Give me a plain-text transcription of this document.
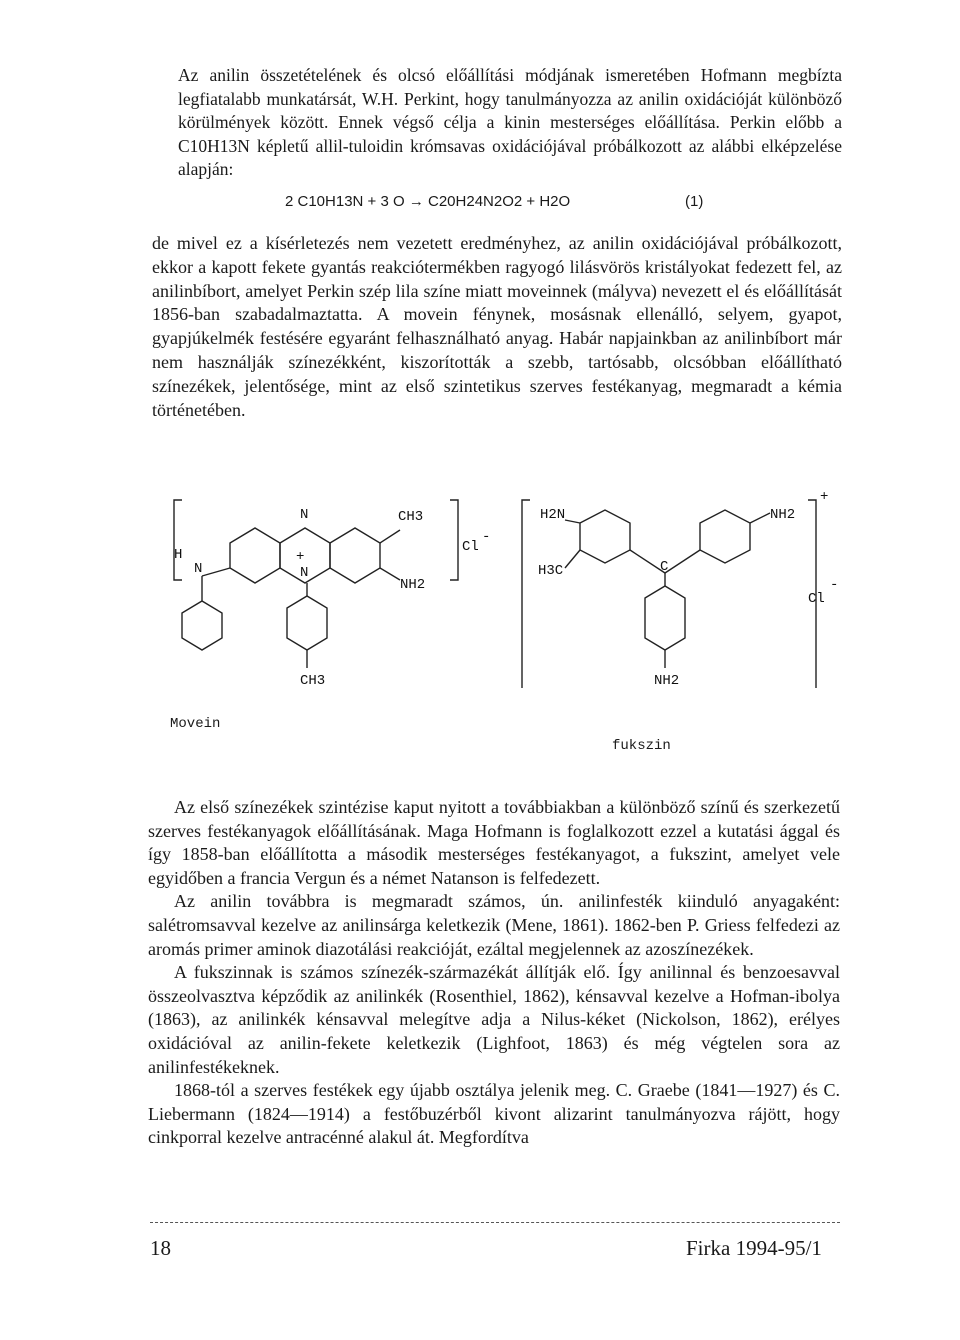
Az anilin összetételének és olcsó előállítási módjának ismeretében Hofmann megbízta legfiatalabb munkatársát, W.H. Perkint, hogy tanulmányozza az anilin oxidációját különböző körülmények között. Ennek végső célja a kinin mesterséges előállítása. Perkin előbb a C10H13N képletű allil-tuloidin krómsavas oxidációjával próbálkozott az alábbi elképzelése alapján:

2 C10H13N + 3 O → C20H24N2O2 + H2O	(1)

de mivel ez a kísérletezés nem vezetett eredményhez, az anilin oxidációjával próbálkozott, ekkor a kapott fekete gyantás reakciótermékben ragyogó lilásvörös kristályokat fedezett fel, az anilinbíbort, amelyet Perkin szép lila színe miatt moveinnek (mályva) nevezett el és előállítását 1856-ban szabadalmaztatta. A movein fénynek, mosásnak ellenálló, selyem, gyapot, gyapjúkelmék festésére egyaránt felhasználható anyag. Habár napjainkban az anilinbíbort már nem használják színezékként, kiszorították a szebb, tartósabb, olcsóbban előállítható színezékek, jelentősége, mint az első szintetikus szerves festékanyag, megmaradt a kémia történetében.

N	CH3
H
N
+
N
NH2
Cl
-
CH3
H2N	NH2
+
H3C	C
Cl
-
NH2
Movein
fukszin
Az első színezékek szintézise kaput nyitott a továbbiakban a különböző színű és szerkezetű szerves festékanyagok előállításának. Maga Hofmann is foglalkozott ezzel a kutatási ággal és így 1858-ban előállította a második mesterséges festékanyagot, a fukszint, amelyet vele egyidőben a francia Vergun és a német Natanson is felfedezett.
Az anilin továbbra is megmaradt számos, ún. anilinfesték kiinduló anyagaként: salétromsavval kezelve az anilinsárga keletkezik (Mene, 1861). 1862-ben P. Griess felfedezi az aromás primer aminok diazotálási reakcióját, ezáltal megjelennek az azoszínezékek.
A fukszinnak is számos színezék-származékát állítják elő. Így anilinnal és benzoesavval összeolvasztva képződik az anilinkék (Rosenthiel, 1862), kénsavval kezelve a Hofman-ibolya (1863), az anilinkék kénsavval melegítve adja a Nilus-kéket (Nickolson, 1862), erélyes oxidációval az anilin-fekete keletkezik (Lighfoot, 1863) és még végtelen sora az anilinfestékeknek.
1868-tól a szerves festékek egy újabb osztálya jelenik meg. C. Graebe (1841—1927) és C. Liebermann (1824—1914) a festőbuzérből kivont alizarint tanulmányozva rájött, hogy cinkporral kezelve antracénné alakul át. Megfordítva
18	Firka 1994-95/1
